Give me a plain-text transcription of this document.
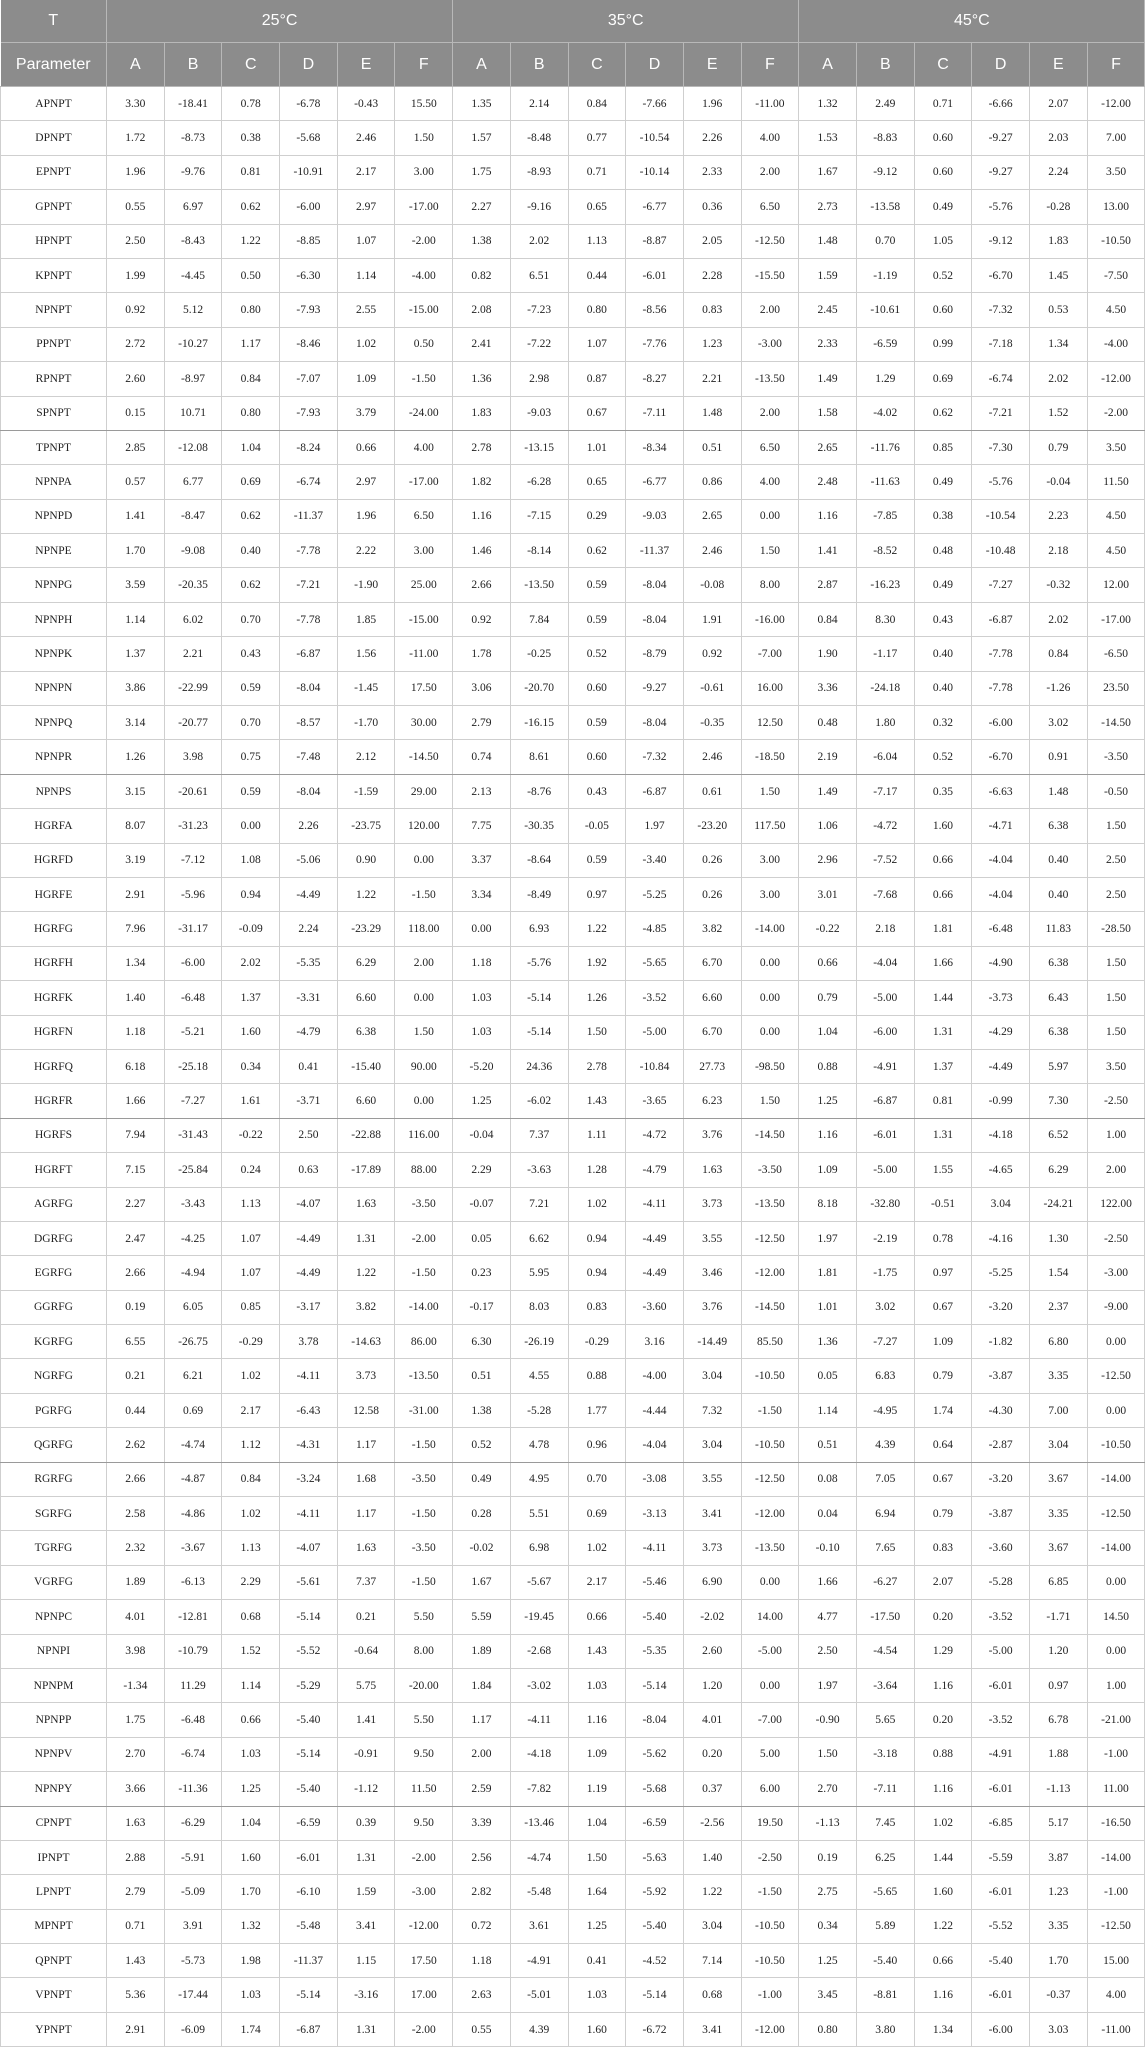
T	25°C						35°C						45°C					
Parameter	A	B	C	D	E	F	A	B	C	D	E	F	A	B	C	D	E	F
APNPT	3.30	-18.41	0.78	-6.78	-0.43	15.50	1.35	2.14	0.84	-7.66	1.96	-11.00	1.32	2.49	0.71	-6.66	2.07	-12.00
DPNPT	1.72	-8.73	0.38	-5.68	2.46	1.50	1.57	-8.48	0.77	-10.54	2.26	4.00	1.53	-8.83	0.60	-9.27	2.03	7.00
EPNPT	1.96	-9.76	0.81	-10.91	2.17	3.00	1.75	-8.93	0.71	-10.14	2.33	2.00	1.67	-9.12	0.60	-9.27	2.24	3.50
GPNPT	0.55	6.97	0.62	-6.00	2.97	-17.00	2.27	-9.16	0.65	-6.77	0.36	6.50	2.73	-13.58	0.49	-5.76	-0.28	13.00
HPNPT	2.50	-8.43	1.22	-8.85	1.07	-2.00	1.38	2.02	1.13	-8.87	2.05	-12.50	1.48	0.70	1.05	-9.12	1.83	-10.50
KPNPT	1.99	-4.45	0.50	-6.30	1.14	-4.00	0.82	6.51	0.44	-6.01	2.28	-15.50	1.59	-1.19	0.52	-6.70	1.45	-7.50
NPNPT	0.92	5.12	0.80	-7.93	2.55	-15.00	2.08	-7.23	0.80	-8.56	0.83	2.00	2.45	-10.61	0.60	-7.32	0.53	4.50
PPNPT	2.72	-10.27	1.17	-8.46	1.02	0.50	2.41	-7.22	1.07	-7.76	1.23	-3.00	2.33	-6.59	0.99	-7.18	1.34	-4.00
RPNPT	2.60	-8.97	0.84	-7.07	1.09	-1.50	1.36	2.98	0.87	-8.27	2.21	-13.50	1.49	1.29	0.69	-6.74	2.02	-12.00
SPNPT	0.15	10.71	0.80	-7.93	3.79	-24.00	1.83	-9.03	0.67	-7.11	1.48	2.00	1.58	-4.02	0.62	-7.21	1.52	-2.00
TPNPT	2.85	-12.08	1.04	-8.24	0.66	4.00	2.78	-13.15	1.01	-8.34	0.51	6.50	2.65	-11.76	0.85	-7.30	0.79	3.50
NPNPA	0.57	6.77	0.69	-6.74	2.97	-17.00	1.82	-6.28	0.65	-6.77	0.86	4.00	2.48	-11.63	0.49	-5.76	-0.04	11.50
NPNPD	1.41	-8.47	0.62	-11.37	1.96	6.50	1.16	-7.15	0.29	-9.03	2.65	0.00	1.16	-7.85	0.38	-10.54	2.23	4.50
NPNPE	1.70	-9.08	0.40	-7.78	2.22	3.00	1.46	-8.14	0.62	-11.37	2.46	1.50	1.41	-8.52	0.48	-10.48	2.18	4.50
NPNPG	3.59	-20.35	0.62	-7.21	-1.90	25.00	2.66	-13.50	0.59	-8.04	-0.08	8.00	2.87	-16.23	0.49	-7.27	-0.32	12.00
NPNPH	1.14	6.02	0.70	-7.78	1.85	-15.00	0.92	7.84	0.59	-8.04	1.91	-16.00	0.84	8.30	0.43	-6.87	2.02	-17.00
NPNPK	1.37	2.21	0.43	-6.87	1.56	-11.00	1.78	-0.25	0.52	-8.79	0.92	-7.00	1.90	-1.17	0.40	-7.78	0.84	-6.50
NPNPN	3.86	-22.99	0.59	-8.04	-1.45	17.50	3.06	-20.70	0.60	-9.27	-0.61	16.00	3.36	-24.18	0.40	-7.78	-1.26	23.50
NPNPQ	3.14	-20.77	0.70	-8.57	-1.70	30.00	2.79	-16.15	0.59	-8.04	-0.35	12.50	0.48	1.80	0.32	-6.00	3.02	-14.50
NPNPR	1.26	3.98	0.75	-7.48	2.12	-14.50	0.74	8.61	0.60	-7.32	2.46	-18.50	2.19	-6.04	0.52	-6.70	0.91	-3.50
NPNPS	3.15	-20.61	0.59	-8.04	-1.59	29.00	2.13	-8.76	0.43	-6.87	0.61	1.50	1.49	-7.17	0.35	-6.63	1.48	-0.50
HGRFA	8.07	-31.23	0.00	2.26	-23.75	120.00	7.75	-30.35	-0.05	1.97	-23.20	117.50	1.06	-4.72	1.60	-4.71	6.38	1.50
HGRFD	3.19	-7.12	1.08	-5.06	0.90	0.00	3.37	-8.64	0.59	-3.40	0.26	3.00	2.96	-7.52	0.66	-4.04	0.40	2.50
HGRFE	2.91	-5.96	0.94	-4.49	1.22	-1.50	3.34	-8.49	0.97	-5.25	0.26	3.00	3.01	-7.68	0.66	-4.04	0.40	2.50
HGRFG	7.96	-31.17	-0.09	2.24	-23.29	118.00	0.00	6.93	1.22	-4.85	3.82	-14.00	-0.22	2.18	1.81	-6.48	11.83	-28.50
HGRFH	1.34	-6.00	2.02	-5.35	6.29	2.00	1.18	-5.76	1.92	-5.65	6.70	0.00	0.66	-4.04	1.66	-4.90	6.38	1.50
HGRFK	1.40	-6.48	1.37	-3.31	6.60	0.00	1.03	-5.14	1.26	-3.52	6.60	0.00	0.79	-5.00	1.44	-3.73	6.43	1.50
HGRFN	1.18	-5.21	1.60	-4.79	6.38	1.50	1.03	-5.14	1.50	-5.00	6.70	0.00	1.04	-6.00	1.31	-4.29	6.38	1.50
HGRFQ	6.18	-25.18	0.34	0.41	-15.40	90.00	-5.20	24.36	2.78	-10.84	27.73	-98.50	0.88	-4.91	1.37	-4.49	5.97	3.50
HGRFR	1.66	-7.27	1.61	-3.71	6.60	0.00	1.25	-6.02	1.43	-3.65	6.23	1.50	1.25	-6.87	0.81	-0.99	7.30	-2.50
HGRFS	7.94	-31.43	-0.22	2.50	-22.88	116.00	-0.04	7.37	1.11	-4.72	3.76	-14.50	1.16	-6.01	1.31	-4.18	6.52	1.00
HGRFT	7.15	-25.84	0.24	0.63	-17.89	88.00	2.29	-3.63	1.28	-4.79	1.63	-3.50	1.09	-5.00	1.55	-4.65	6.29	2.00
AGRFG	2.27	-3.43	1.13	-4.07	1.63	-3.50	-0.07	7.21	1.02	-4.11	3.73	-13.50	8.18	-32.80	-0.51	3.04	-24.21	122.00
DGRFG	2.47	-4.25	1.07	-4.49	1.31	-2.00	0.05	6.62	0.94	-4.49	3.55	-12.50	1.97	-2.19	0.78	-4.16	1.30	-2.50
EGRFG	2.66	-4.94	1.07	-4.49	1.22	-1.50	0.23	5.95	0.94	-4.49	3.46	-12.00	1.81	-1.75	0.97	-5.25	1.54	-3.00
GGRFG	0.19	6.05	0.85	-3.17	3.82	-14.00	-0.17	8.03	0.83	-3.60	3.76	-14.50	1.01	3.02	0.67	-3.20	2.37	-9.00
KGRFG	6.55	-26.75	-0.29	3.78	-14.63	86.00	6.30	-26.19	-0.29	3.16	-14.49	85.50	1.36	-7.27	1.09	-1.82	6.80	0.00
NGRFG	0.21	6.21	1.02	-4.11	3.73	-13.50	0.51	4.55	0.88	-4.00	3.04	-10.50	0.05	6.83	0.79	-3.87	3.35	-12.50
PGRFG	0.44	0.69	2.17	-6.43	12.58	-31.00	1.38	-5.28	1.77	-4.44	7.32	-1.50	1.14	-4.95	1.74	-4.30	7.00	0.00
QGRFG	2.62	-4.74	1.12	-4.31	1.17	-1.50	0.52	4.78	0.96	-4.04	3.04	-10.50	0.51	4.39	0.64	-2.87	3.04	-10.50
RGRFG	2.66	-4.87	0.84	-3.24	1.68	-3.50	0.49	4.95	0.70	-3.08	3.55	-12.50	0.08	7.05	0.67	-3.20	3.67	-14.00
SGRFG	2.58	-4.86	1.02	-4.11	1.17	-1.50	0.28	5.51	0.69	-3.13	3.41	-12.00	0.04	6.94	0.79	-3.87	3.35	-12.50
TGRFG	2.32	-3.67	1.13	-4.07	1.63	-3.50	-0.02	6.98	1.02	-4.11	3.73	-13.50	-0.10	7.65	0.83	-3.60	3.67	-14.00
VGRFG	1.89	-6.13	2.29	-5.61	7.37	-1.50	1.67	-5.67	2.17	-5.46	6.90	0.00	1.66	-6.27	2.07	-5.28	6.85	0.00
NPNPC	4.01	-12.81	0.68	-5.14	0.21	5.50	5.59	-19.45	0.66	-5.40	-2.02	14.00	4.77	-17.50	0.20	-3.52	-1.71	14.50
NPNPI	3.98	-10.79	1.52	-5.52	-0.64	8.00	1.89	-2.68	1.43	-5.35	2.60	-5.00	2.50	-4.54	1.29	-5.00	1.20	0.00
NPNPM	-1.34	11.29	1.14	-5.29	5.75	-20.00	1.84	-3.02	1.03	-5.14	1.20	0.00	1.97	-3.64	1.16	-6.01	0.97	1.00
NPNPP	1.75	-6.48	0.66	-5.40	1.41	5.50	1.17	-4.11	1.16	-8.04	4.01	-7.00	-0.90	5.65	0.20	-3.52	6.78	-21.00
NPNPV	2.70	-6.74	1.03	-5.14	-0.91	9.50	2.00	-4.18	1.09	-5.62	0.20	5.00	1.50	-3.18	0.88	-4.91	1.88	-1.00
NPNPY	3.66	-11.36	1.25	-5.40	-1.12	11.50	2.59	-7.82	1.19	-5.68	0.37	6.00	2.70	-7.11	1.16	-6.01	-1.13	11.00
CPNPT	1.63	-6.29	1.04	-6.59	0.39	9.50	3.39	-13.46	1.04	-6.59	-2.56	19.50	-1.13	7.45	1.02	-6.85	5.17	-16.50
IPNPT	2.88	-5.91	1.60	-6.01	1.31	-2.00	2.56	-4.74	1.50	-5.63	1.40	-2.50	0.19	6.25	1.44	-5.59	3.87	-14.00
LPNPT	2.79	-5.09	1.70	-6.10	1.59	-3.00	2.82	-5.48	1.64	-5.92	1.22	-1.50	2.75	-5.65	1.60	-6.01	1.23	-1.00
MPNPT	0.71	3.91	1.32	-5.48	3.41	-12.00	0.72	3.61	1.25	-5.40	3.04	-10.50	0.34	5.89	1.22	-5.52	3.35	-12.50
QPNPT	1.43	-5.73	1.98	-11.37	1.15	17.50	1.18	-4.91	0.41	-4.52	7.14	-10.50	1.25	-5.40	0.66	-5.40	1.70	15.00
VPNPT	5.36	-17.44	1.03	-5.14	-3.16	17.00	2.63	-5.01	1.03	-5.14	0.68	-1.00	3.45	-8.81	1.16	-6.01	-0.37	4.00
YPNPT	2.91	-6.09	1.74	-6.87	1.31	-2.00	0.55	4.39	1.60	-6.72	3.41	-12.00	0.80	3.80	1.34	-6.00	3.03	-11.00
